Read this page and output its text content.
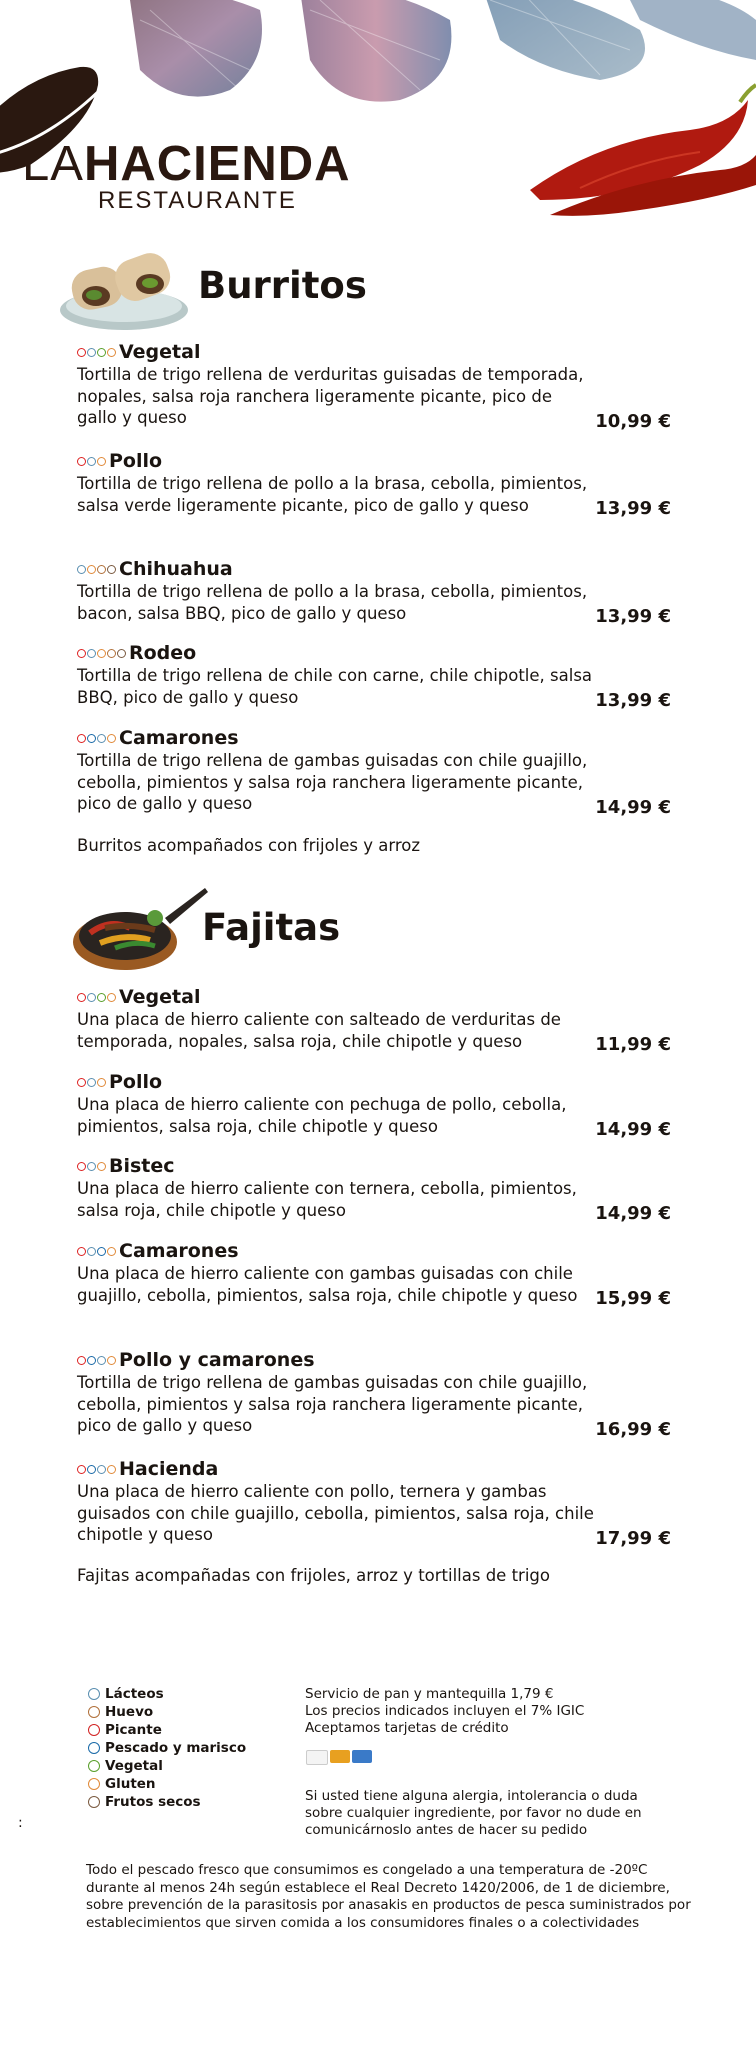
LAHACIENDA
RESTAURANTE
Burritos
Vegetal
Tortilla de trigo rellena de verduritas guisadas de temporada, nopales, salsa roja ranchera ligeramente picante, pico de gallo y queso	10,99 €
Pollo
Tortilla de trigo rellena de pollo a la brasa, cebolla, pimientos, salsa verde ligeramente picante, pico de gallo y queso	13,99 €
Chihuahua
Tortilla de trigo rellena de pollo a la brasa, cebolla, pimientos, bacon, salsa BBQ, pico de gallo y queso	13,99 €
Rodeo
Tortilla de trigo rellena de chile con carne, chile chipotle, salsa BBQ, pico de gallo y queso	13,99 €
Camarones
Tortilla de trigo rellena de gambas guisadas con chile guajillo, cebolla, pimientos y salsa roja ranchera ligeramente picante, pico de gallo y queso	14,99 €
Burritos acompañados con frijoles y arroz
Fajitas
Vegetal
Una placa de hierro caliente con salteado de verduritas de temporada, nopales, salsa roja, chile chipotle y queso	11,99 €
Pollo
Una placa de hierro caliente con pechuga de pollo, cebolla, pimientos, salsa roja, chile chipotle y queso	14,99 €
Bistec
Una placa de hierro caliente con ternera, cebolla, pimientos, salsa roja, chile chipotle y queso	14,99 €
Camarones
Una placa de hierro caliente con gambas guisadas con chile guajillo, cebolla, pimientos, salsa roja, chile chipotle y queso 15,99 €
Pollo y camarones
Tortilla de trigo rellena de gambas guisadas con chile guajillo, cebolla, pimientos y salsa roja ranchera ligeramente picante, pico de gallo y queso	16,99 €
Hacienda
Una placa de hierro caliente con pollo, ternera y gambas guisados con chile guajillo, cebolla, pimientos, salsa roja, chile chipotle y queso	17,99 €
Fajitas acompañadas con frijoles, arroz y tortillas de trigo
Lácteos
Huevo
Picante
Pescado y marisco
Vegetal
Gluten
Frutos secos
Servicio de pan y mantequilla 1,79 €
Los precios indicados incluyen el 7% IGIC
Aceptamos tarjetas de crédito
Si usted tiene alguna alergia, intolerancia o duda
sobre cualquier ingrediente, por favor no dude en
comunicárnoslo antes de hacer su pedido
:
Todo el pescado fresco que consumimos es congelado a una temperatura de -20ºC durante al menos 24h según establece el Real Decreto 1420/2006, de 1 de diciembre, sobre prevención de la parasitosis por anasakis en productos de pesca suministrados por establecimientos que sirven comida a los consumidores finales o a colectividades
